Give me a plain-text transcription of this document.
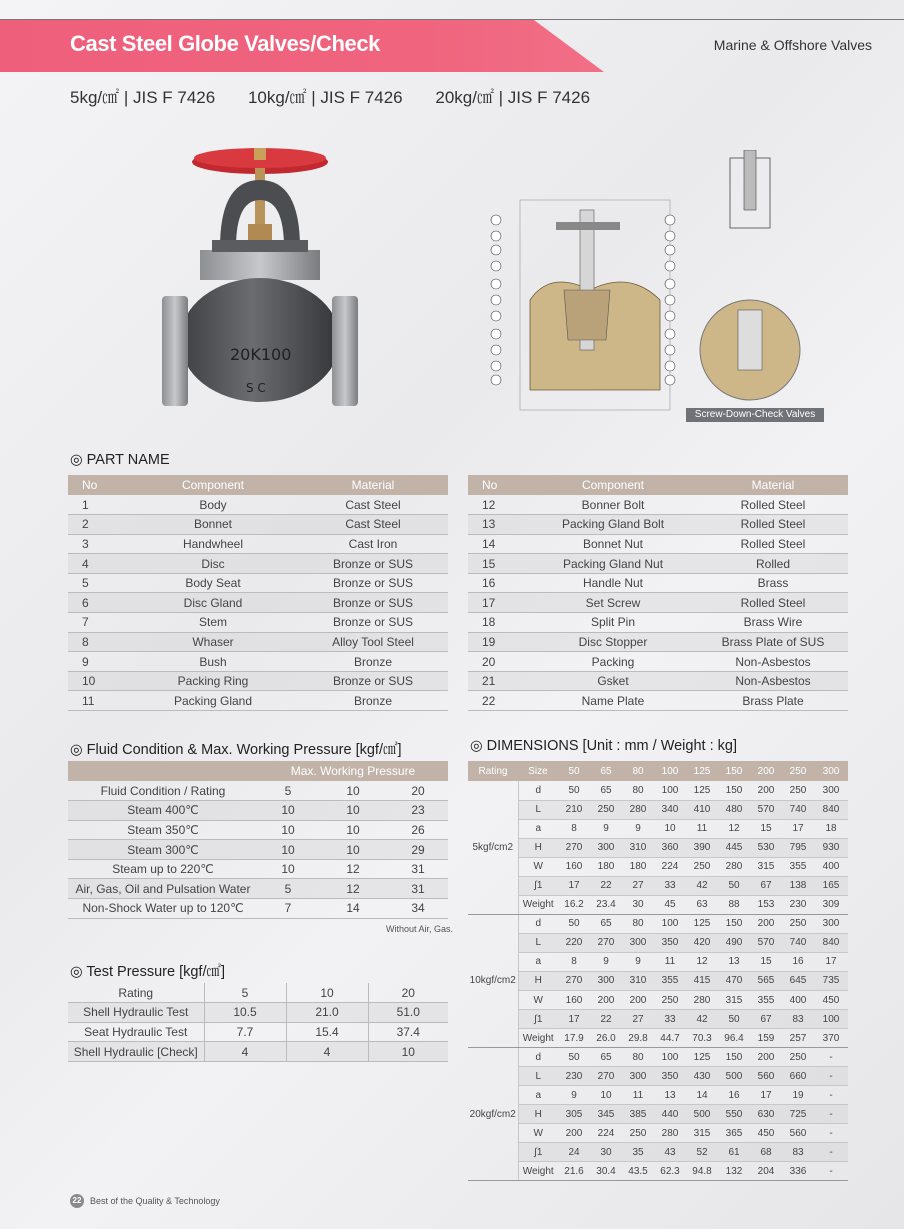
Cast Steel Globe Valves/Check	Marine & Offshore Valves
5kg/㎠ | JIS F 7426 10kg/㎠ | JIS F 7426 20kg/㎠ | JIS F 7426
20K100
S C
Screw-Down-Check Valves
◎ PART NAME
No	Component	Material
1	Body	Cast Steel
2	Bonnet	Cast Steel
3	Handwheel	Cast Iron
4	Disc	Bronze or SUS
5	Body Seat	Bronze or SUS
6	Disc Gland	Bronze or SUS
7	Stem	Bronze or SUS
8	Whaser	Alloy Tool Steel
9	Bush	Bronze
10	Packing Ring	Bronze or SUS
11	Packing Gland	Bronze
No	Component	Material
12	Bonner Bolt	Rolled Steel
13	Packing Gland Bolt	Rolled Steel
14	Bonnet Nut	Rolled Steel
15	Packing Gland Nut	Rolled
16	Handle Nut	Brass
17	Set Screw	Rolled Steel
18	Split Pin	Brass Wire
19	Disc Stopper	Brass Plate of SUS
20	Packing	Non-Asbestos
21	Gsket	Non-Asbestos
22	Name Plate	Brass Plate
◎ Fluid Condition & Max. Working Pressure [kgf/㎠]
	Max. Working Pressure		
Fluid Condition / Rating	5	10	20
Steam 400℃	10	10	23
Steam 350℃	10	10	26
Steam 300℃	10	10	29
Steam up to 220℃	10	12	31
Air, Gas, Oil and Pulsation Water	5	12	31
Non-Shock Water up to 120℃	7	14	34
Without Air, Gas.
◎ Test Pressure [kgf/㎠]
Rating	5	10	20
Shell Hydraulic Test	10.5	21.0	51.0
Seat Hydraulic Test	7.7	15.4	37.4
Shell Hydraulic [Check]	4	4	10
◎ DIMENSIONS [Unit : mm / Weight : kg]
Rating	Size	50	65	80	100	125	150	200	250	300
5kgf/cm2	d	50	65	80	100	125	150	200	250	300
	L	210	250	280	340	410	480	570	740	840
	a	8	9	9	10	11	12	15	17	18
	H	270	300	310	360	390	445	530	795	930
	W	160	180	180	224	250	280	315	355	400
	∫1	17	22	27	33	42	50	67	138	165
	Weight	16.2	23.4	30	45	63	88	153	230	309
10kgf/cm2	d	50	65	80	100	125	150	200	250	300
	L	220	270	300	350	420	490	570	740	840
	a	8	9	9	11	12	13	15	16	17
	H	270	300	310	355	415	470	565	645	735
	W	160	200	200	250	280	315	355	400	450
	∫1	17	22	27	33	42	50	67	83	100
	Weight	17.9	26.0	29.8	44.7	70.3	96.4	159	257	370
20kgf/cm2	d	50	65	80	100	125	150	200	250	-
	L	230	270	300	350	430	500	560	660	-
	a	9	10	11	13	14	16	17	19	-
	H	305	345	385	440	500	550	630	725	-
	W	200	224	250	280	315	365	450	560	-
	∫1	24	30	35	43	52	61	68	83	-
	Weight	21.6	30.4	43.5	62.3	94.8	132	204	336	-
22 Best of the Quality & Technology
